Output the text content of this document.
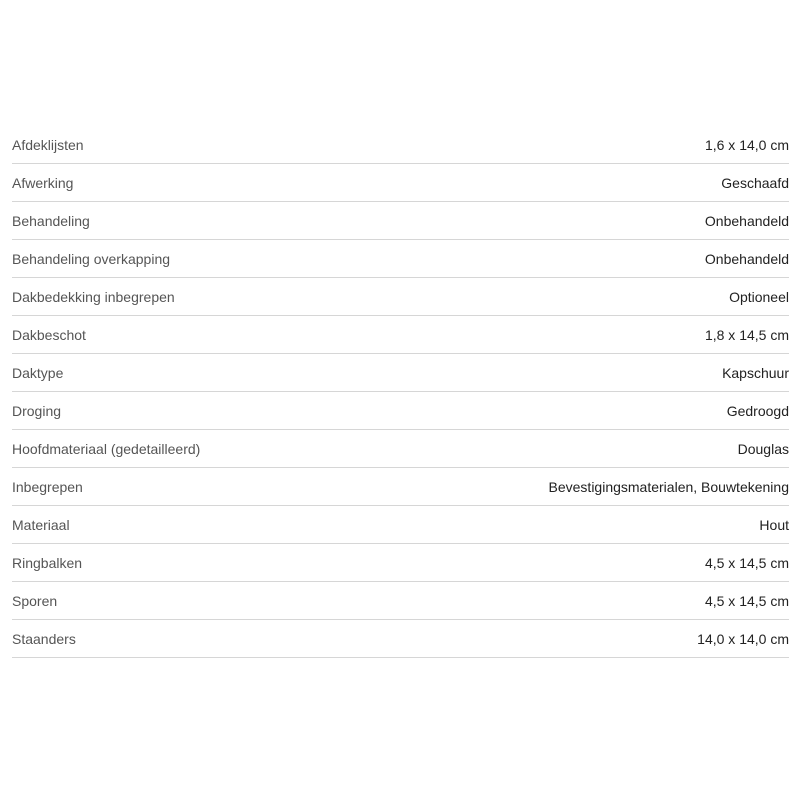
Afdeklijsten	1,6 x 14,0 cm
Afwerking	Geschaafd
Behandeling	Onbehandeld
Behandeling overkapping	Onbehandeld
Dakbedekking inbegrepen	Optioneel
Dakbeschot	1,8 x 14,5 cm
Daktype	Kapschuur
Droging	Gedroogd
Hoofdmateriaal (gedetailleerd)	Douglas
Inbegrepen	Bevestigingsmaterialen, Bouwtekening
Materiaal	Hout
Ringbalken	4,5 x 14,5 cm
Sporen	4,5 x 14,5 cm
Staanders	14,0 x 14,0 cm
